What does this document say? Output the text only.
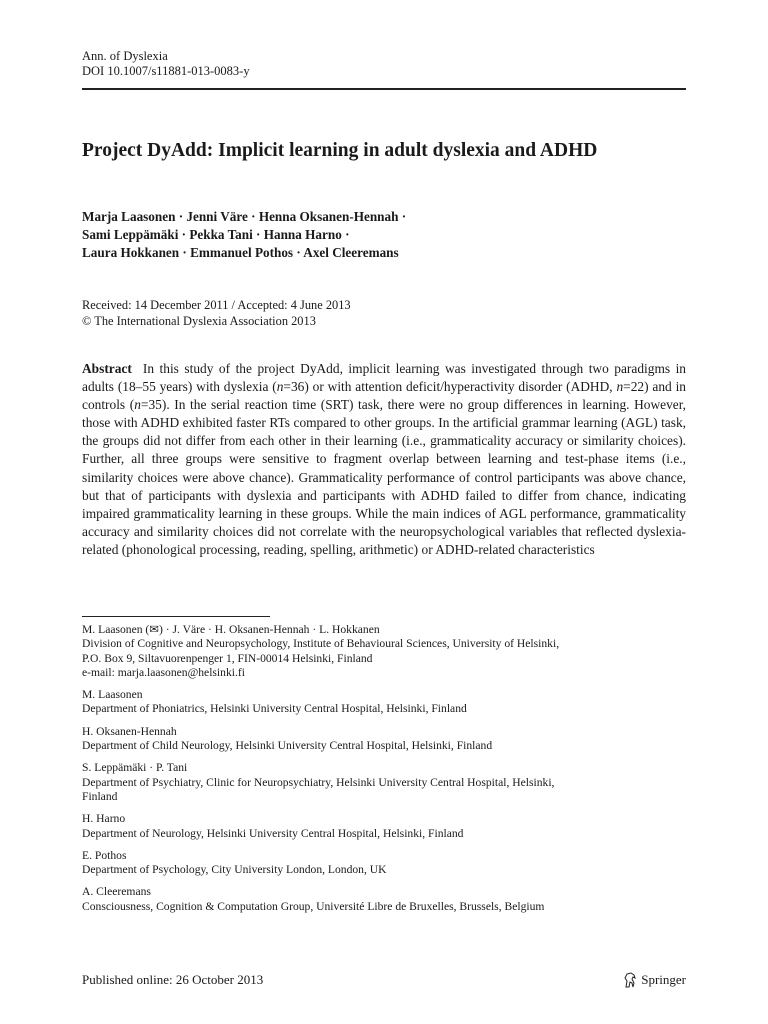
Ann. of Dyslexia
DOI 10.1007/s11881-013-0083-y
Project DyAdd: Implicit learning in adult dyslexia and ADHD
Marja Laasonen · Jenni Väre · Henna Oksanen-Hennah ·
Sami Leppämäki · Pekka Tani · Hanna Harno ·
Laura Hokkanen · Emmanuel Pothos · Axel Cleeremans
Received: 14 December 2011 / Accepted: 4 June 2013
© The International Dyslexia Association 2013

Abstract In this study of the project DyAdd, implicit learning was investigated through two paradigms in adults (18–55 years) with dyslexia (n=36) or with attention deficit/hyperactivity disorder (ADHD, n=22) and in controls (n=35). In the serial reaction time (SRT) task, there were no group differences in learning. However, those with ADHD exhibited faster RTs compared to other groups. In the artificial grammar learning (AGL) task, the groups did not differ from each other in their learning (i.e., grammaticality accuracy or similarity choices). Further, all three groups were sensitive to fragment overlap between learning and test-phase items (i.e., similarity choices were above chance). Grammaticality performance of control participants was above chance, but that of participants with dyslexia and participants with ADHD failed to differ from chance, indicating impaired grammaticality learning in these groups. While the main indices of AGL performance, grammaticality accuracy and similarity choices did not correlate with the neuropsychological variables that reflected dyslexia-related (phonological processing, reading, spelling, arithmetic) or ADHD-related characteristics

M. Laasonen (✉) · J. Väre · H. Oksanen-Hennah · L. Hokkanen
Division of Cognitive and Neuropsychology, Institute of Behavioural Sciences, University of Helsinki,
P.O. Box 9, Siltavuorenpenger 1, FIN-00014 Helsinki, Finland
e-mail: marja.laasonen@helsinki.fi
M. Laasonen
Department of Phoniatrics, Helsinki University Central Hospital, Helsinki, Finland
H. Oksanen-Hennah
Department of Child Neurology, Helsinki University Central Hospital, Helsinki, Finland
S. Leppämäki · P. Tani
Department of Psychiatry, Clinic for Neuropsychiatry, Helsinki University Central Hospital, Helsinki,
Finland
H. Harno
Department of Neurology, Helsinki University Central Hospital, Helsinki, Finland
E. Pothos
Department of Psychology, City University London, London, UK
A. Cleeremans
Consciousness, Cognition & Computation Group, Université Libre de Bruxelles, Brussels, Belgium
Published online: 26 October 2013	Springer
